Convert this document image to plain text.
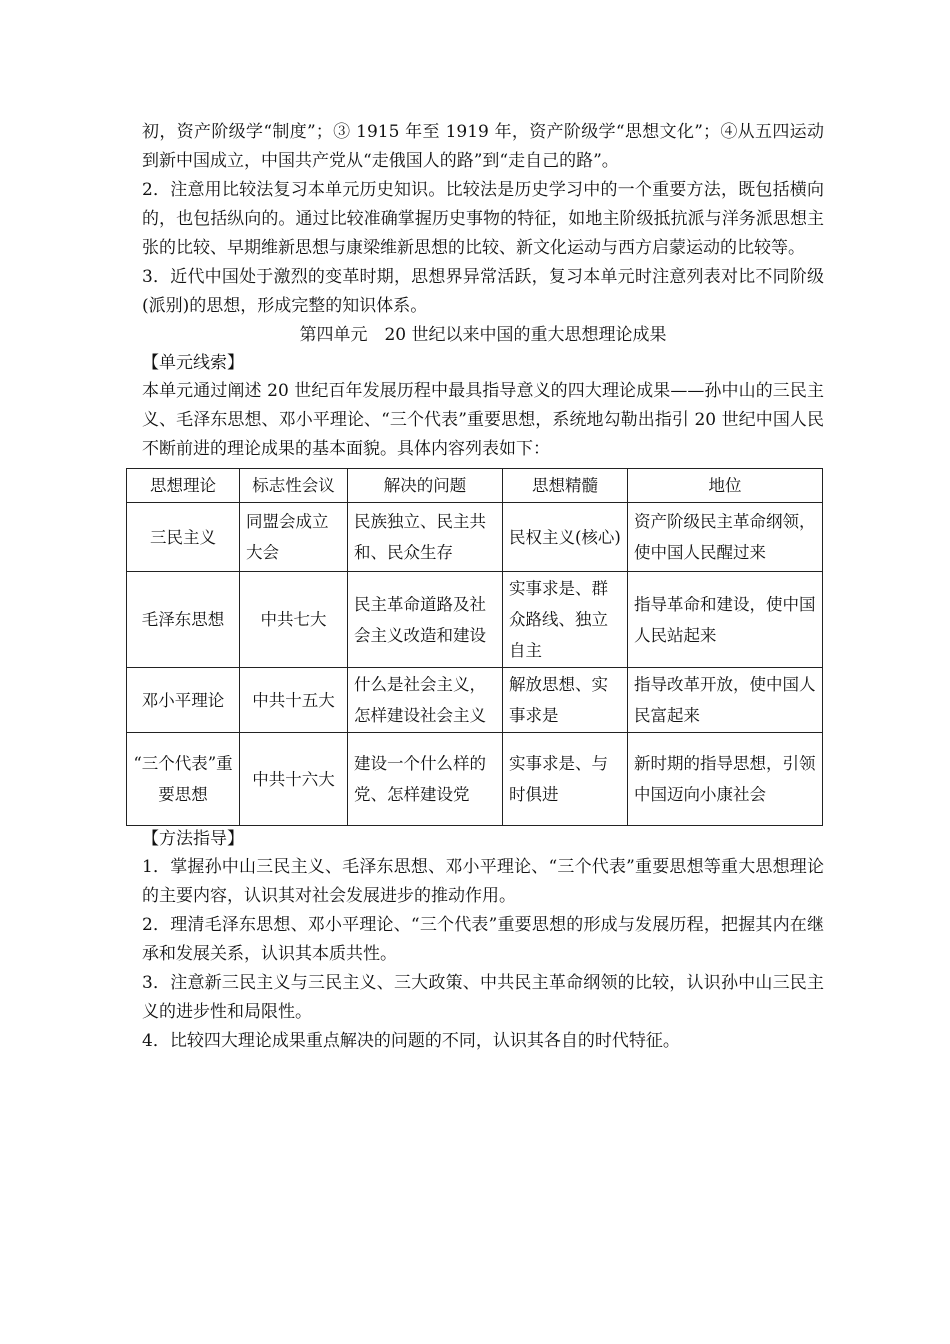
初，资产阶级学“制度”；③ 1915 年至 1919 年，资产阶级学“思想文化”；④从五四运动到新中国成立，中国共产党从“走俄国人的路”到“走自己的路”。

2．注意用比较法复习本单元历史知识。比较法是历史学习中的一个重要方法，既包括横向的，也包括纵向的。通过比较准确掌握历史事物的特征，如地主阶级抵抗派与洋务派思想主张的比较、早期维新思想与康梁维新思想的比较、新文化运动与西方启蒙运动的比较等。

3．近代中国处于激烈的变革时期，思想界异常活跃，复习本单元时注意列表对比不同阶级(派别)的思想，形成完整的知识体系。

第四单元　20 世纪以来中国的重大思想理论成果
【单元线索】

本单元通过阐述 20 世纪百年发展历程中最具指导意义的四大理论成果——孙中山的三民主义、毛泽东思想、邓小平理论、“三个代表”重要思想，系统地勾勒出指引 20 世纪中国人民不断前进的理论成果的基本面貌。具体内容列表如下：

思想理论	标志性会议	解决的问题	思想精髓	地位
三民主义	同盟会成立大会	民族独立、民主共和、民众生存	民权主义(核心)	资产阶级民主革命纲领，使中国人民醒过来
毛泽东思想	中共七大	民主革命道路及社会主义改造和建设	实事求是、群众路线、独立自主	指导革命和建设，使中国人民站起来
邓小平理论	中共十五大	什么是社会主义，怎样建设社会主义	解放思想、实事求是	指导改革开放，使中国人民富起来
“三个代表”重要思想	中共十六大	建设一个什么样的党、怎样建设党	实事求是、与时俱进	新时期的指导思想，引领中国迈向小康社会
【方法指导】

1．掌握孙中山三民主义、毛泽东思想、邓小平理论、“三个代表”重要思想等重大思想理论的主要内容，认识其对社会发展进步的推动作用。

2．理清毛泽东思想、邓小平理论、“三个代表”重要思想的形成与发展历程，把握其内在继承和发展关系，认识其本质共性。

3．注意新三民主义与三民主义、三大政策、中共民主革命纲领的比较，认识孙中山三民主义的进步性和局限性。

4．比较四大理论成果重点解决的问题的不同，认识其各自的时代特征。
